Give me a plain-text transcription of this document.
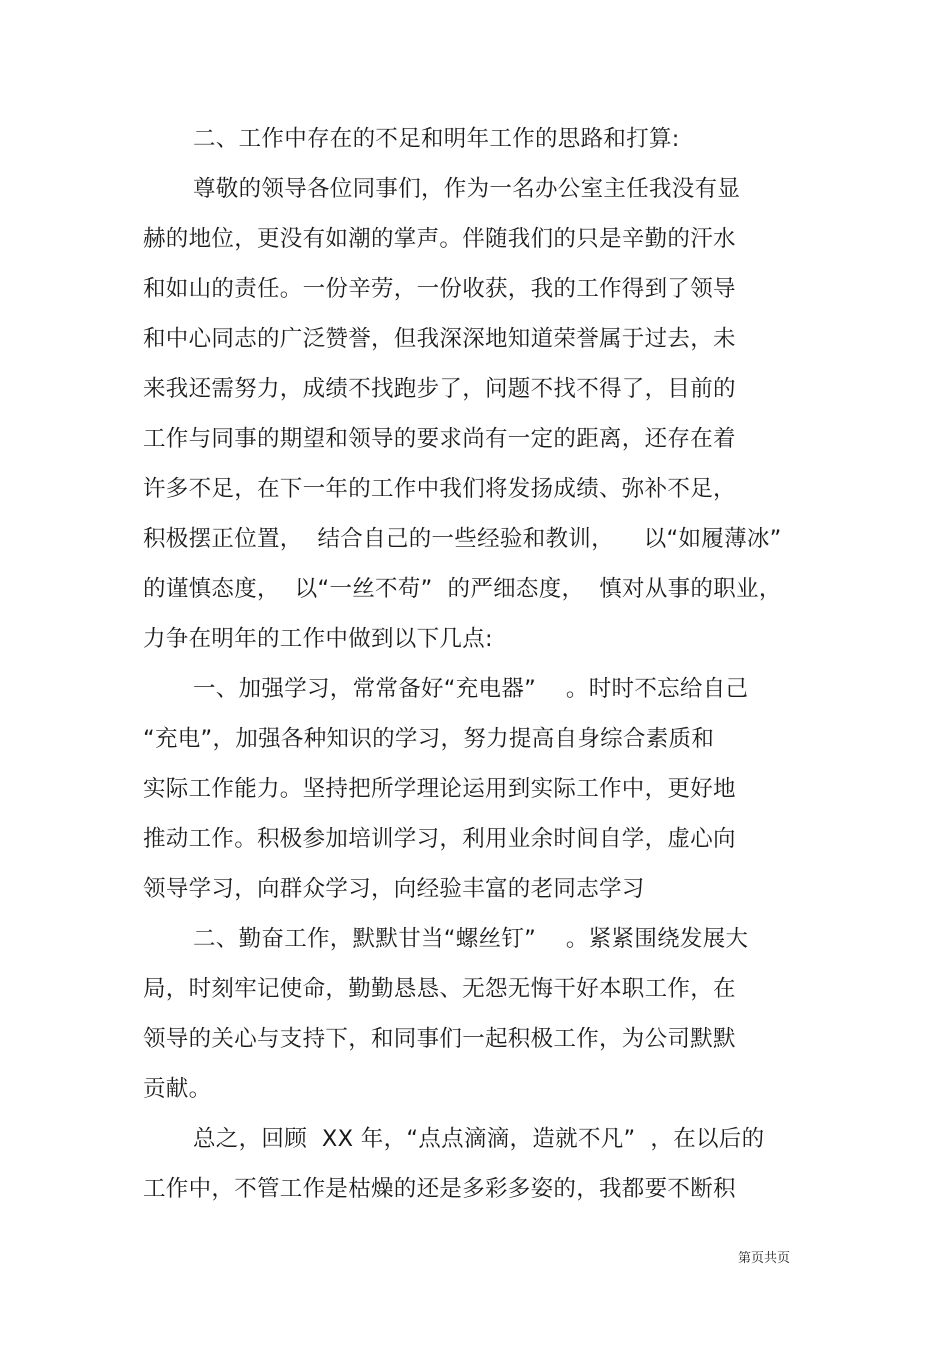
二、工作中存在的不足和明年工作的思路和打算:
尊敬的领导各位同事们，作为一名办公室主任我没有显
赫的地位，更没有如潮的掌声。伴随我们的只是辛勤的汗水
和如山的责任。一份辛劳，一份收获，我的工作得到了领导
和中心同志的广泛赞誉，但我深深地知道荣誉属于过去，未
来我还需努力，成绩不找跑步了，问题不找不得了，目前的
工作与同事的期望和领导的要求尚有一定的距离，还存在着
许多不足，在下一年的工作中我们将发扬成绩、弥补不足，
积极摆正位置，  结合自己的一些经验和教训，    以“如履薄冰”
的谨慎态度，  以“一丝不苟”  的严细态度，  慎对从事的职业，
力争在明年的工作中做到以下几点:
一、加强学习，常常备好“充电器”    。时时不忘给自己
“充电”，加强各种知识的学习，努力提高自身综合素质和
实际工作能力。坚持把所学理论运用到实际工作中，更好地
推动工作。积极参加培训学习，利用业余时间自学，虚心向
领导学习，向群众学习，向经验丰富的老同志学习
二、勤奋工作，默默甘当“螺丝钉”    。紧紧围绕发展大
局，时刻牢记使命，勤勤恳恳、无怨无悔干好本职工作，在
领导的关心与支持下，和同事们一起积极工作，为公司默默
贡献。
总之，回顾  XX 年，“点点滴滴，造就不凡”  ，在以后的
工作中，不管工作是枯燥的还是多彩多姿的，我都要不断积
第页共页
